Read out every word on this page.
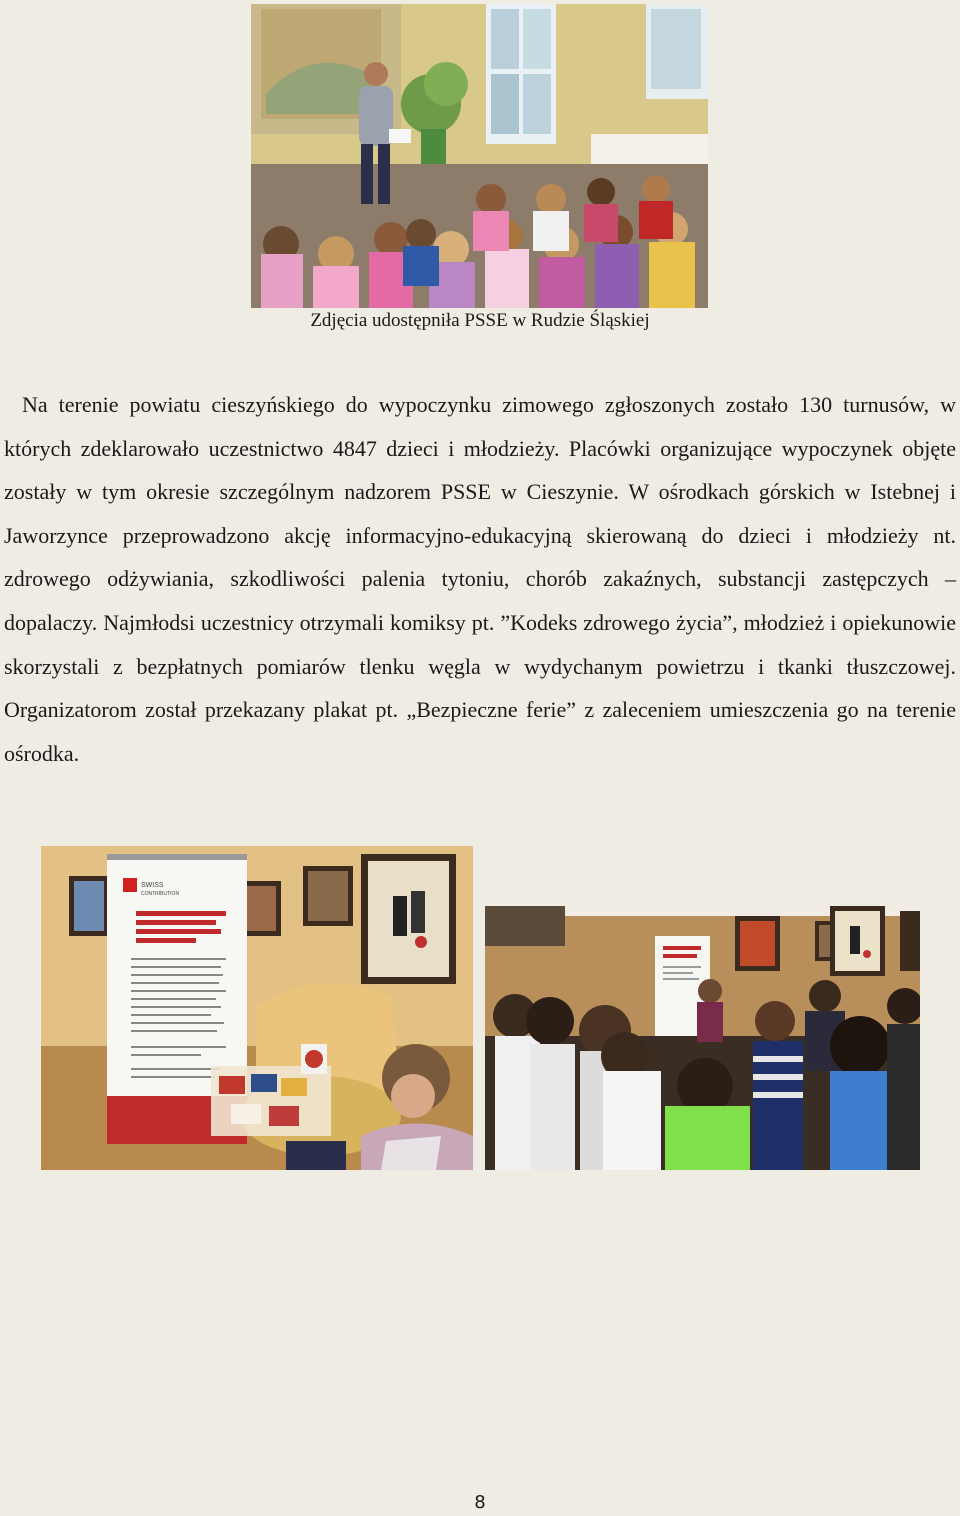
Zdjęcia udostępniła PSSE w Rudzie Śląskiej

Na terenie powiatu cieszyńskiego do wypoczynku zimowego zgłoszonych zostało 130 turnusów, w których zdeklarowało uczestnictwo 4847 dzieci i młodzieży. Placówki organizujące wypoczynek objęte zostały w tym okresie szczególnym nadzorem PSSE w Cieszynie. W ośrodkach górskich w Istebnej i Jaworzynce przeprowadzono akcję informacyjno-edukacyjną skierowaną do dzieci i młodzieży nt. zdrowego odżywiania, szkodliwości palenia tytoniu, chorób zakaźnych, substancji zastępczych – dopalaczy. Najmłodsi uczestnicy otrzymali komiksy pt. ”Kodeks zdrowego życia”, młodzież i opiekunowie skorzystali z bezpłatnych pomiarów tlenku węgla w wydychanym powietrzu i tkanki tłuszczowej. Organizatorom został przekazany plakat pt. „Bezpieczne ferie” z zaleceniem umieszczenia go na terenie ośrodka.

SWISS
CONTRIBUTION
8
